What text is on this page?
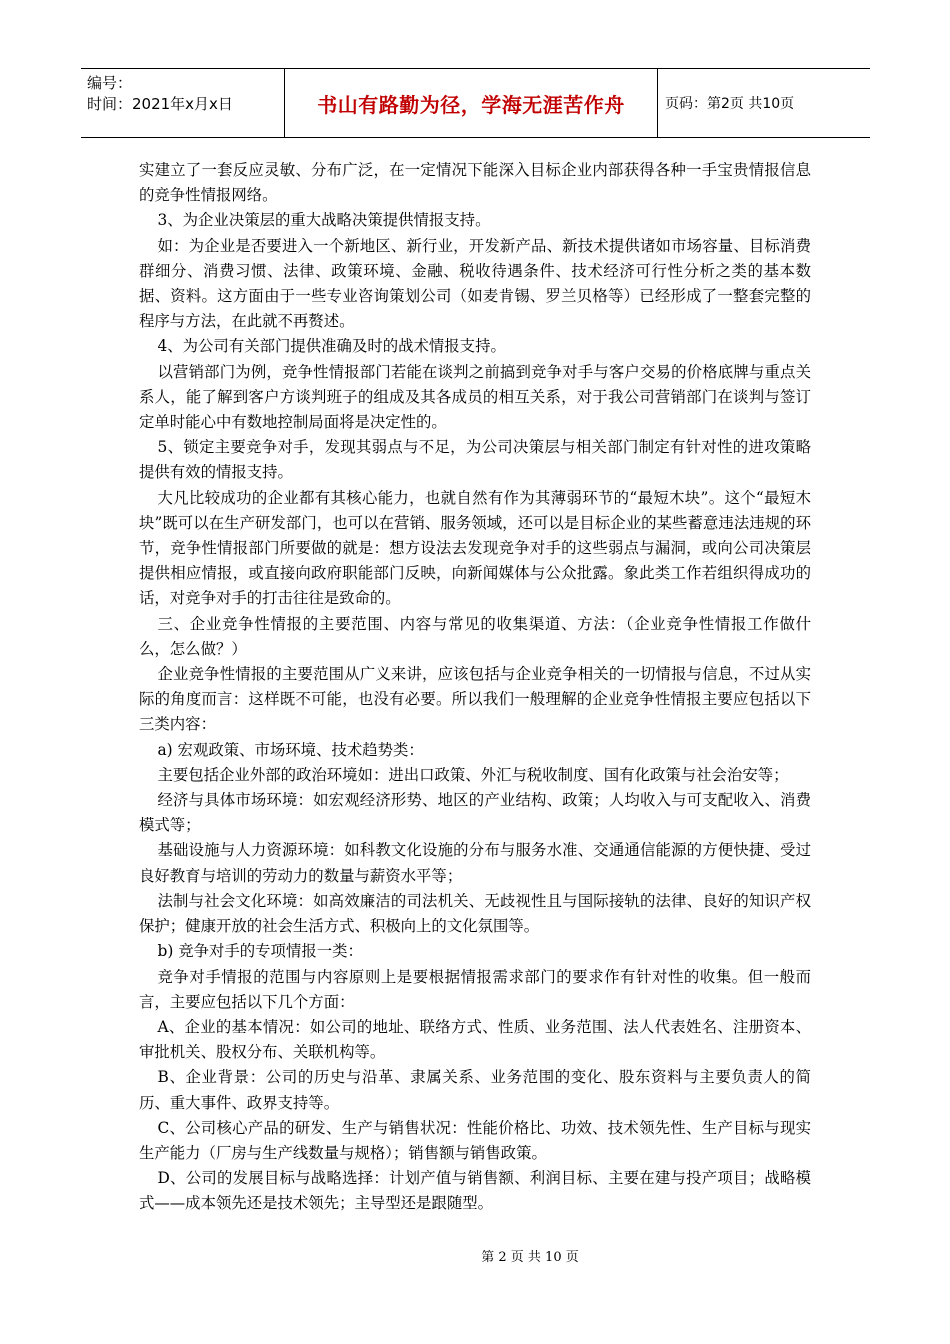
编号：
时间：2021年x月x日	书山有路勤为径，学海无涯苦作舟	页码：第2页 共10页

实建立了一套反应灵敏、分布广泛，在一定情况下能深入目标企业内部获得各种一手宝贵情报信息的竞争性情报网络。

3、为企业决策层的重大战略决策提供情报支持。

如：为企业是否要进入一个新地区、新行业，开发新产品、新技术提供诸如市场容量、目标消费群细分、消费习惯、法律、政策环境、金融、税收待遇条件、技术经济可行性分析之类的基本数据、资料。这方面由于一些专业咨询策划公司（如麦肯锡、罗兰贝格等）已经形成了一整套完整的程序与方法，在此就不再赘述。

4、为公司有关部门提供准确及时的战术情报支持。

以营销部门为例，竞争性情报部门若能在谈判之前搞到竞争对手与客户交易的价格底牌与重点关系人，能了解到客户方谈判班子的组成及其各成员的相互关系，对于我公司营销部门在谈判与签订定单时能心中有数地控制局面将是决定性的。

5、锁定主要竞争对手，发现其弱点与不足，为公司决策层与相关部门制定有针对性的进攻策略提供有效的情报支持。

大凡比较成功的企业都有其核心能力，也就自然有作为其薄弱环节的“最短木块”。这个“最短木块”既可以在生产研发部门，也可以在营销、服务领域，还可以是目标企业的某些蓄意违法违规的环节，竞争性情报部门所要做的就是：想方设法去发现竞争对手的这些弱点与漏洞，或向公司决策层提供相应情报，或直接向政府职能部门反映，向新闻媒体与公众批露。象此类工作若组织得成功的话，对竞争对手的打击往往是致命的。

三、企业竞争性情报的主要范围、内容与常见的收集渠道、方法：（企业竞争性情报工作做什么，怎么做？）

企业竞争性情报的主要范围从广义来讲，应该包括与企业竞争相关的一切情报与信息，不过从实际的角度而言：这样既不可能，也没有必要。所以我们一般理解的企业竞争性情报主要应包括以下三类内容：

a) 宏观政策、市场环境、技术趋势类：

主要包括企业外部的政治环境如：进出口政策、外汇与税收制度、国有化政策与社会治安等；

经济与具体市场环境：如宏观经济形势、地区的产业结构、政策；人均收入与可支配收入、消费模式等；

基础设施与人力资源环境：如科教文化设施的分布与服务水准、交通通信能源的方便快捷、受过良好教育与培训的劳动力的数量与薪资水平等；

法制与社会文化环境：如高效廉洁的司法机关、无歧视性且与国际接轨的法律、良好的知识产权保护；健康开放的社会生活方式、积极向上的文化氛围等。

b) 竞争对手的专项情报一类：

竞争对手情报的范围与内容原则上是要根据情报需求部门的要求作有针对性的收集。但一般而言，主要应包括以下几个方面：

A、企业的基本情况：如公司的地址、联络方式、性质、业务范围、法人代表姓名、注册资本、审批机关、股权分布、关联机构等。

B、企业背景：公司的历史与沿革、隶属关系、业务范围的变化、股东资料与主要负责人的简历、重大事件、政界支持等。

C、公司核心产品的研发、生产与销售状况：性能价格比、功效、技术领先性、生产目标与现实生产能力（厂房与生产线数量与规格）；销售额与销售政策。

D、公司的发展目标与战略选择：计划产值与销售额、利润目标、主要在建与投产项目；战略模式——成本领先还是技术领先；主导型还是跟随型。

第 2 页 共 10 页
